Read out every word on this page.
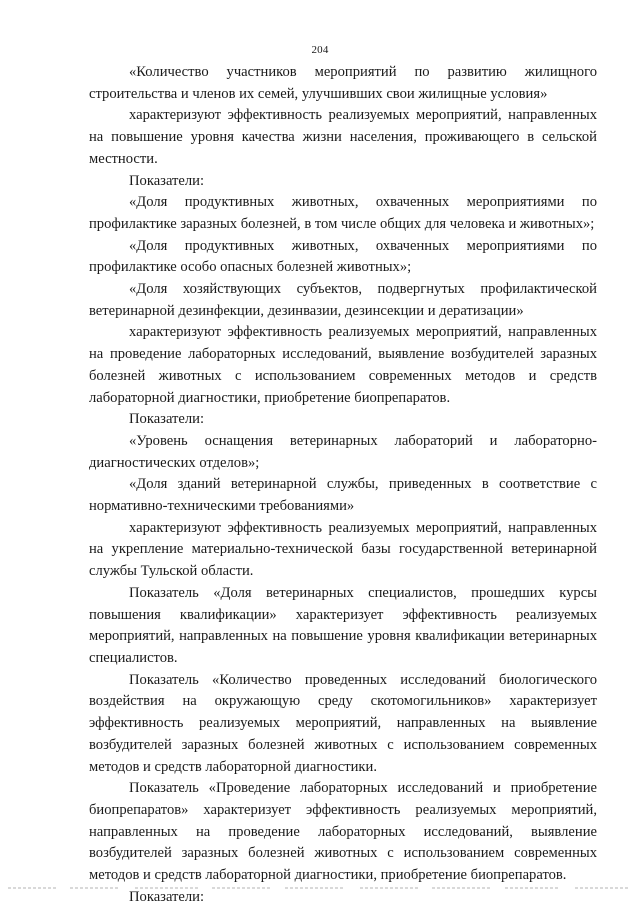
204

«Количество участников мероприятий по развитию жилищного строительства и членов их семей, улучшивших свои жилищные условия»

характеризуют эффективность реализуемых мероприятий, направленных на повышение уровня качества жизни населения, проживающего в сельской местности.

Показатели:

«Доля продуктивных животных, охваченных мероприятиями по профилактике заразных болезней, в том числе общих для человека и животных»;

«Доля продуктивных животных, охваченных мероприятиями по профилактике особо опасных болезней животных»;

«Доля хозяйствующих субъектов, подвергнутых профилактической ветеринарной дезинфекции, дезинвазии, дезинсекции и дератизации»

характеризуют эффективность реализуемых мероприятий, направленных на проведение лабораторных исследований, выявление возбудителей заразных болезней животных с использованием современных методов и средств лабораторной диагностики, приобретение биопрепаратов.

Показатели:

«Уровень оснащения ветеринарных лабораторий и лабораторно-диагностических отделов»;

«Доля зданий ветеринарной службы, приведенных в соответствие с нормативно-техническими требованиями»

характеризуют эффективность реализуемых мероприятий, направленных на укрепление материально-технической базы государственной ветеринарной службы Тульской области.

Показатель «Доля ветеринарных специалистов, прошедших курсы повышения квалификации» характеризует эффективность реализуемых мероприятий, направленных на повышение уровня квалификации ветеринарных специалистов.

Показатель «Количество проведенных исследований биологического воздействия на окружающую среду скотомогильников» характеризует эффективность реализуемых мероприятий, направленных на выявление возбудителей заразных болезней животных с использованием современных методов и средств лабораторной диагностики.

Показатель «Проведение лабораторных исследований и приобретение биопрепаратов» характеризует эффективность реализуемых мероприятий, направленных на проведение лабораторных исследований, выявление возбудителей заразных болезней животных с использованием современных методов и средств лабораторной диагностики, приобретение биопрепаратов.

Показатели:
